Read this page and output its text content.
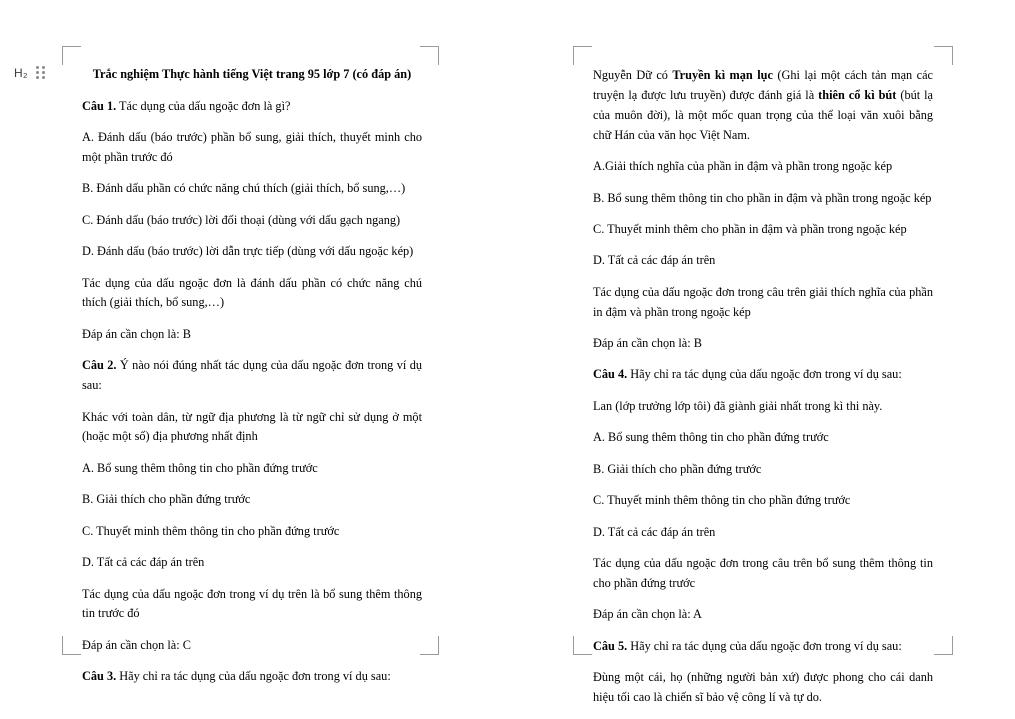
H₂	Trắc nghiệm Thực hành tiếng Việt trang 95 lớp 7 (có đáp án)

Câu 1. Tác dụng của dấu ngoặc đơn là gì?

A. Đánh dấu (báo trước) phần bổ sung, giải thích, thuyết minh cho một phần trước đó

B. Đánh dấu phần có chức năng chú thích (giải thích, bổ sung,…)

C. Đánh dấu (báo trước) lời đối thoại (dùng với dấu gạch ngang)

D. Đánh dấu (báo trước) lời dẫn trực tiếp (dùng với dấu ngoặc kép)

Tác dụng của dấu ngoặc đơn là đánh dấu phần có chức năng chú thích (giải thích, bổ sung,…)

Đáp án cần chọn là: B

Câu 2. Ý nào nói đúng nhất tác dụng của dấu ngoặc đơn trong ví dụ sau:

Khác với toàn dân, từ ngữ địa phương là từ ngữ chỉ sử dụng ở một (hoặc một số) địa phương nhất định

A. Bổ sung thêm thông tin cho phần đứng trước

B. Giải thích cho phần đứng trước

C. Thuyết minh thêm thông tin cho phần đứng trước

D. Tất cả các đáp án trên

Tác dụng của dấu ngoặc đơn trong ví dụ trên là bổ sung thêm thông tin trước đó

Đáp án cần chọn là: C

Câu 3. Hãy chỉ ra tác dụng của dấu ngoặc đơn trong ví dụ sau:

Nguyễn Dữ có Truyền kì mạn lục (Ghi lại một cách tản mạn các truyện lạ được lưu truyền) được đánh giá là thiên cổ kì bút (bút lạ của muôn đời), là một mốc quan trọng của thể loại văn xuôi bằng chữ Hán của văn học Việt Nam.

A.Giải thích nghĩa của phần in đậm và phần trong ngoặc kép

B. Bổ sung thêm thông tin cho phần in đậm và phần trong ngoặc kép

C. Thuyết minh thêm cho phần in đậm và phần trong ngoặc kép

D. Tất cả các đáp án trên

Tác dụng của dấu ngoặc đơn trong câu trên giải thích nghĩa của phần in đậm và phần trong ngoặc kép

Đáp án cần chọn là: B

Câu 4. Hãy chỉ ra tác dụng của dấu ngoặc đơn trong ví dụ sau:

Lan (lớp trưởng lớp tôi) đã giành giải nhất trong kì thi này.

A. Bổ sung thêm thông tin cho phần đứng trước

B. Giải thích cho phần đứng trước

C. Thuyết minh thêm thông tin cho phần đứng trước

D. Tất cả các đáp án trên

Tác dụng của dấu ngoặc đơn trong câu trên bổ sung thêm thông tin cho phần đứng trước

Đáp án cần chọn là: A

Câu 5. Hãy chỉ ra tác dụng của dấu ngoặc đơn trong ví dụ sau:

Đùng một cái, họ (những người bản xứ) được phong cho cái danh hiệu tối cao là chiến sĩ bảo vệ công lí và tự do.
